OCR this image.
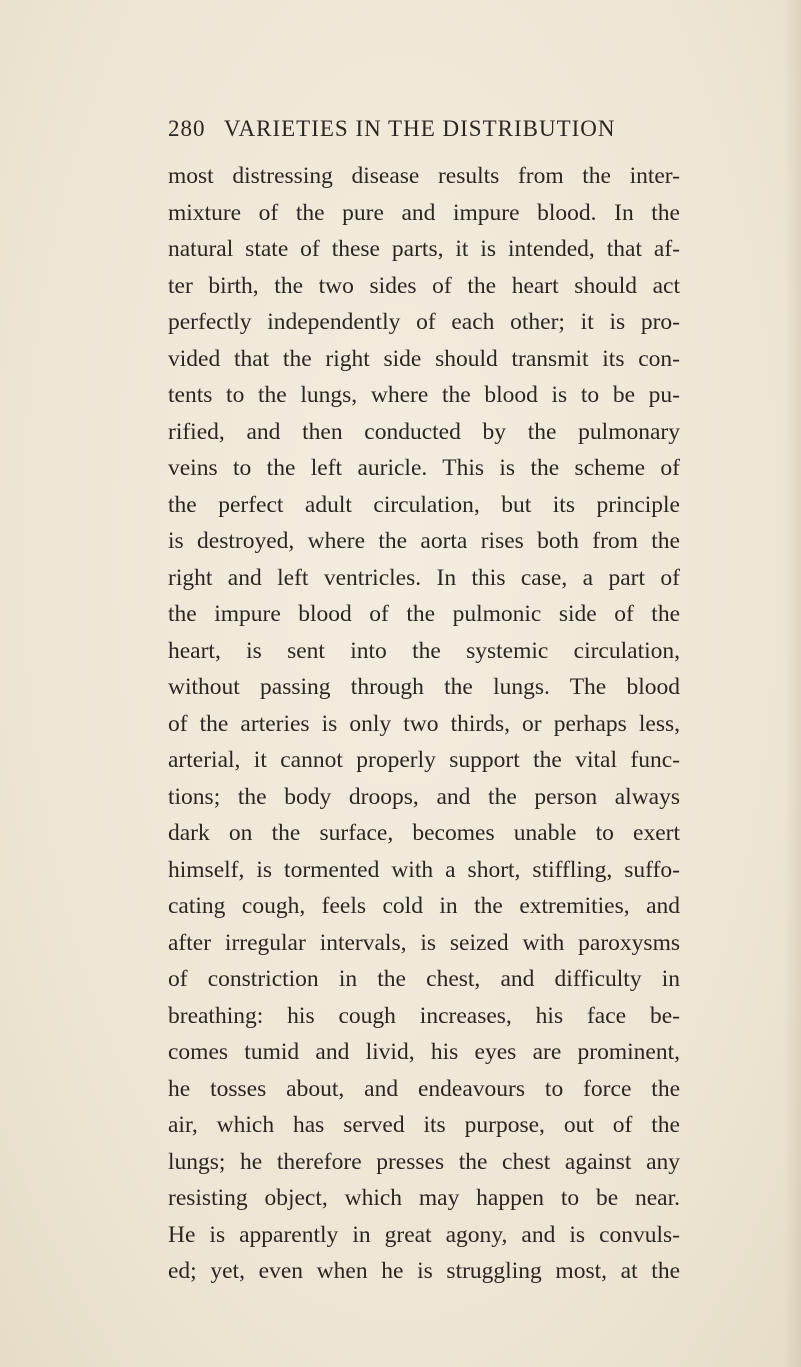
280 VARIETIES IN THE DISTRIBUTION
most distressing disease results from the inter-
mixture of the pure and impure blood. In the
natural state of these parts, it is intended, that af-
ter birth, the two sides of the heart should act
perfectly independently of each other; it is pro-
vided that the right side should transmit its con-
tents to the lungs, where the blood is to be pu-
rified, and then conducted by the pulmonary
veins to the left auricle. This is the scheme of
the perfect adult circulation, but its principle
is destroyed, where the aorta rises both from the
right and left ventricles. In this case, a part of
the impure blood of the pulmonic side of the
heart, is sent into the systemic circulation,
without passing through the lungs. The blood
of the arteries is only two thirds, or perhaps less,
arterial, it cannot properly support the vital func-
tions; the body droops, and the person always
dark on the surface, becomes unable to exert
himself, is tormented with a short, stiffling, suffo-
cating cough, feels cold in the extremities, and
after irregular intervals, is seized with paroxysms
of constriction in the chest, and difficulty in
breathing: his cough increases, his face be-
comes tumid and livid, his eyes are prominent,
he tosses about, and endeavours to force the
air, which has served its purpose, out of the
lungs; he therefore presses the chest against any
resisting object, which may happen to be near.
He is apparently in great agony, and is convuls-
ed; yet, even when he is struggling most, at the
